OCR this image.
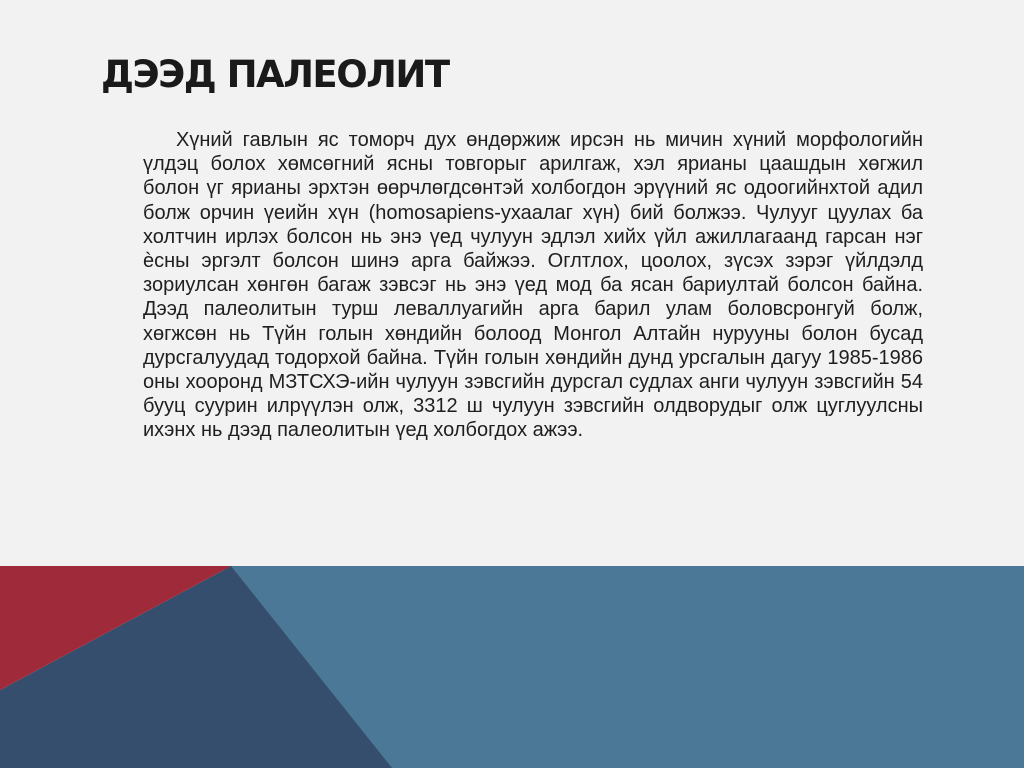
ДЭЭД ПАЛЕОЛИТ

Хүний гавлын яс томорч дух өндөржиж ирсэн нь мичин хүний морфологийн үлдэц болох хөмсөгний ясны товгорыг арилгаж, хэл ярианы цаашдын хөгжил болон үг ярианы эрхтэн өөрчлөгдсөнтэй холбогдон эрүүний яс одоогийнхтой адил болж орчин үеийн хүн (homosapiens-ухаалаг хүн) бий болжээ. Чулууг цуулах ба холтчин ирлэх болсон нь энэ үед чулуун эдлэл хийх үйл ажиллагаанд гарсан нэг ѐсны эргэлт болсон шинэ арга байжээ. Оглтлох, цоолох, зүсэх зэрэг үйлдэлд зориулсан хөнгөн багаж зэвсэг нь энэ үед мод ба ясан бариултай болсон байна. Дээд палеолитын турш леваллуагийн арга барил улам боловсронгуй болж, хөгжсөн нь Түйн голын хөндийн болоод Монгол Алтайн нурууны болон бусад дурсгалуудад тодорхой байна. Түйн голын хөндийн дунд урсгалын дагуу 1985-1986 оны хооронд МЗТСХЭ-ийн чулуун зэвсгийн дурсгал судлах анги чулуун зэвсгийн 54 бууц суурин илрүүлэн олж, 3312 ш чулуун зэвсгийн олдворудыг олж цуглуулсны ихэнх нь дээд палеолитын үед холбогдох ажээ.
